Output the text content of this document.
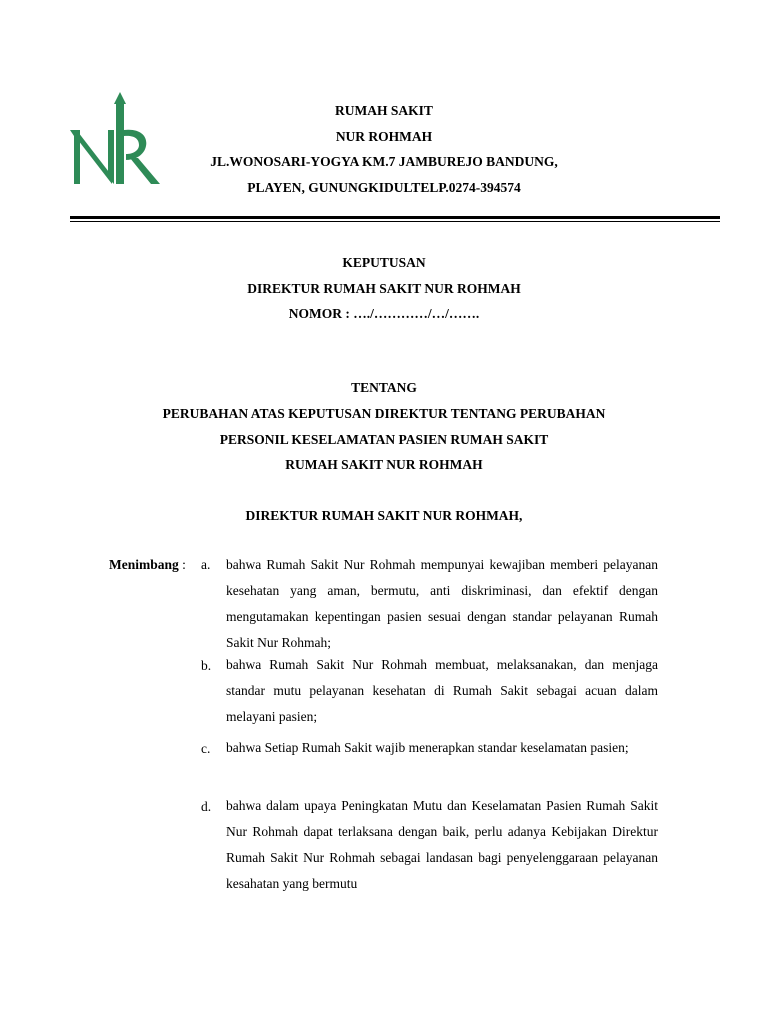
RUMAH SAKIT
NUR ROHMAH
JL.WONOSARI-YOGYA KM.7 JAMBUREJO BANDUNG,
PLAYEN, GUNUNGKIDULTELP.0274-394574
KEPUTUSAN
DIREKTUR RUMAH SAKIT NUR ROHMAH
NOMOR : …./…………/…/…….
TENTANG
PERUBAHAN ATAS KEPUTUSAN DIREKTUR TENTANG PERUBAHAN
PERSONIL KESELAMATAN PASIEN RUMAH SAKIT
RUMAH SAKIT NUR ROHMAH
DIREKTUR RUMAH SAKIT NUR ROHMAH,
Menimbang : a.	bahwa Rumah Sakit Nur Rohmah mempunyai kewajiban memberi pelayanan kesehatan yang aman, bermutu, anti diskriminasi, dan efektif dengan mengutamakan kepentingan pasien sesuai dengan standar pelayanan Rumah Sakit Nur Rohmah;
b.	bahwa Rumah Sakit Nur Rohmah membuat, melaksanakan, dan menjaga standar mutu pelayanan kesehatan di Rumah Sakit sebagai acuan dalam melayani pasien;
c.	bahwa Setiap Rumah Sakit wajib menerapkan standar keselamatan pasien;
d.	bahwa dalam upaya Peningkatan Mutu dan Keselamatan Pasien Rumah Sakit Nur Rohmah dapat terlaksana dengan baik, perlu adanya Kebijakan Direktur Rumah Sakit Nur Rohmah sebagai landasan bagi penyelenggaraan pelayanan kesahatan yang bermutu
